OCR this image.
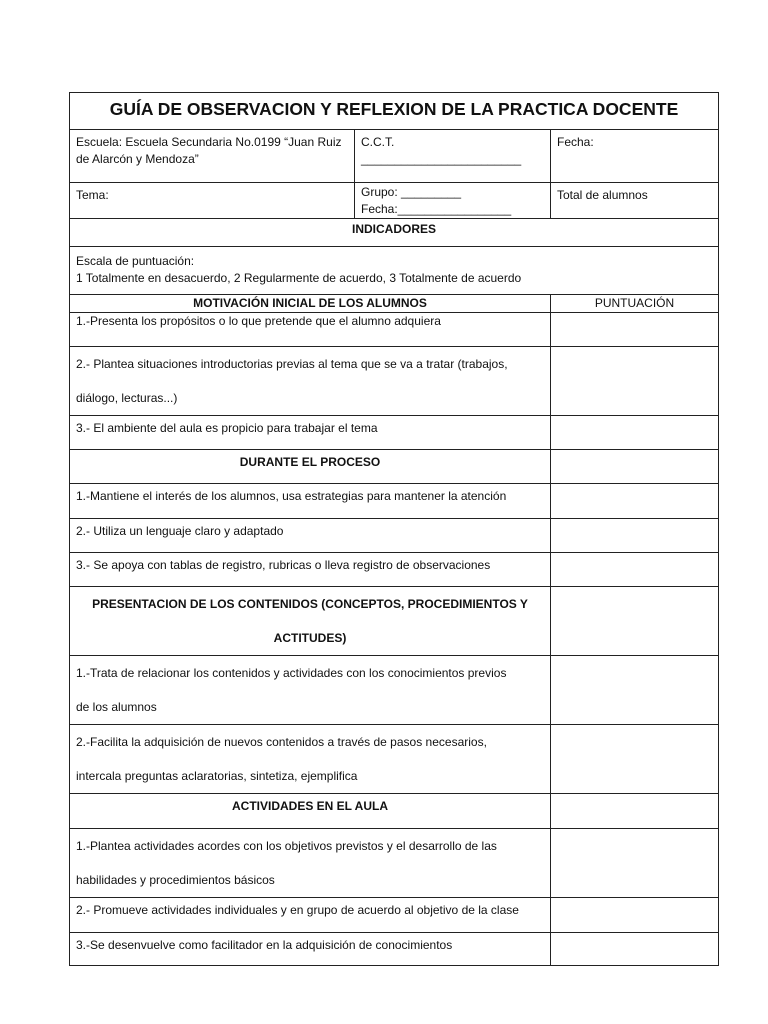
GUÍA DE OBSERVACION Y REFLEXION DE LA PRACTICA DOCENTE
Escuela: Escuela Secundaria No.0199 “Juan Ruiz
de Alarcón y Mendoza”
C.C.T.
________________________
Fecha:
Tema:	Grupo: _________
Fecha:_________________
Total de alumnos
INDICADORES
Escala de puntuación:
1 Totalmente en desacuerdo, 2 Regularmente de acuerdo, 3 Totalmente de acuerdo
MOTIVACIÓN INICIAL DE LOS ALUMNOS	PUNTUACIÓN
1.-Presenta los propósitos o lo que pretende que el alumno adquiera
2.- Plantea situaciones introductorias previas al tema que se va a tratar (trabajos,
diálogo, lecturas...)
3.- El ambiente del aula es propicio para trabajar el tema
DURANTE EL PROCESO
1.-Mantiene el interés de los alumnos, usa estrategias para mantener la atención
2.- Utiliza un lenguaje claro y adaptado
3.- Se apoya con tablas de registro, rubricas o lleva registro de observaciones
PRESENTACION DE LOS CONTENIDOS (CONCEPTOS, PROCEDIMIENTOS Y
ACTITUDES)
1.-Trata de relacionar los contenidos y actividades con los conocimientos previos
de los alumnos
2.-Facilita la adquisición de nuevos contenidos a través de pasos necesarios,
intercala preguntas aclaratorias, sintetiza, ejemplifica
ACTIVIDADES EN EL AULA
1.-Plantea actividades acordes con los objetivos previstos y el desarrollo de las
habilidades y procedimientos básicos
2.- Promueve actividades individuales y en grupo de acuerdo al objetivo de la clase
3.-Se desenvuelve como facilitador en la adquisición de conocimientos
